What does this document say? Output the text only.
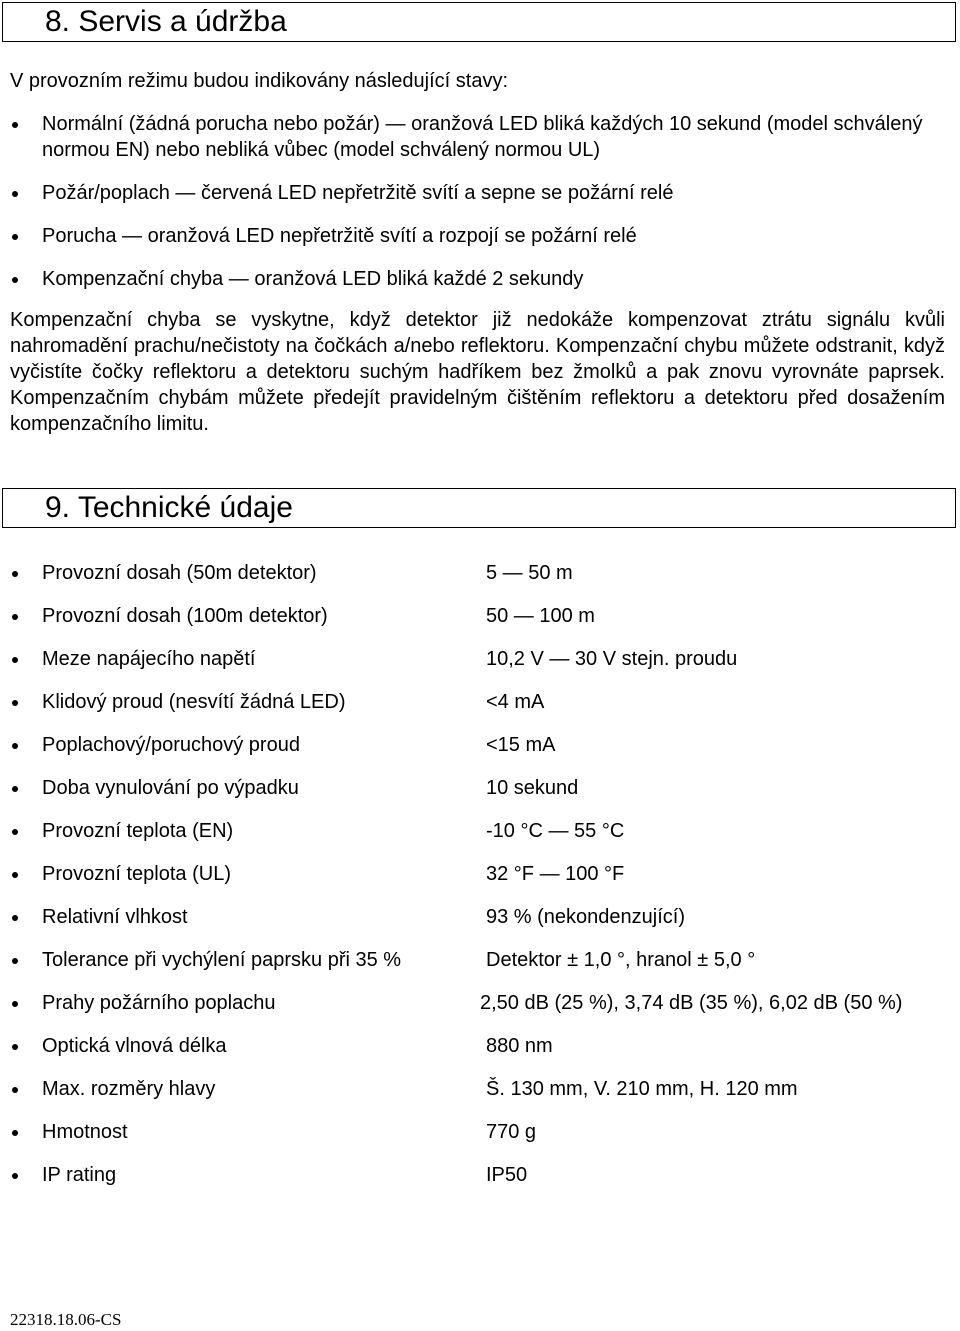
8. Servis a údržba
V provozním režimu budou indikovány následující stavy:
Normální (žádná porucha nebo požár) — oranžová LED bliká každých 10 sekund (model schválený normou EN) nebo nebliká vůbec (model schválený normou UL)
Požár/poplach — červená LED nepřetržitě svítí a sepne se požární relé
Porucha — oranžová LED nepřetržitě svítí a rozpojí se požární relé
Kompenzační chyba — oranžová LED bliká každé 2 sekundy

Kompenzační chyba se vyskytne, když detektor již nedokáže kompenzovat ztrátu signálu kvůli nahromadění prachu/nečistoty na čočkách a/nebo reflektoru. Kompenzační chybu můžete odstranit, když vyčistíte čočky reflektoru a detektoru suchým hadříkem bez žmolků a pak znovu vyrovnáte paprsek. Kompenzačním chybám můžete předejít pravidelným čištěním reflektoru a detektoru před dosažením kompenzačního limitu.

9. Technické údaje
Provozní dosah (50m detektor)	5 — 50 m
Provozní dosah (100m detektor)	50 — 100 m
Meze napájecího napětí	10,2 V — 30 V stejn. proudu
Klidový proud (nesvítí žádná LED)	<4 mA
Poplachový/poruchový proud	<15 mA
Doba vynulování po výpadku	10 sekund
Provozní teplota (EN)	-10 °C — 55 °C
Provozní teplota (UL)	32 °F — 100 °F
Relativní vlhkost	93 % (nekondenzující)
Tolerance při vychýlení paprsku při 35 %	Detektor ± 1,0 °, hranol ± 5,0 °
Prahy požárního poplachu	2,50 dB (25 %), 3,74 dB (35 %), 6,02 dB (50 %)
Optická vlnová délka	880 nm
Max. rozměry hlavy	Š. 130 mm, V. 210 mm, H. 120 mm
Hmotnost	770 g
IP rating	IP50
22318.18.06-CS
